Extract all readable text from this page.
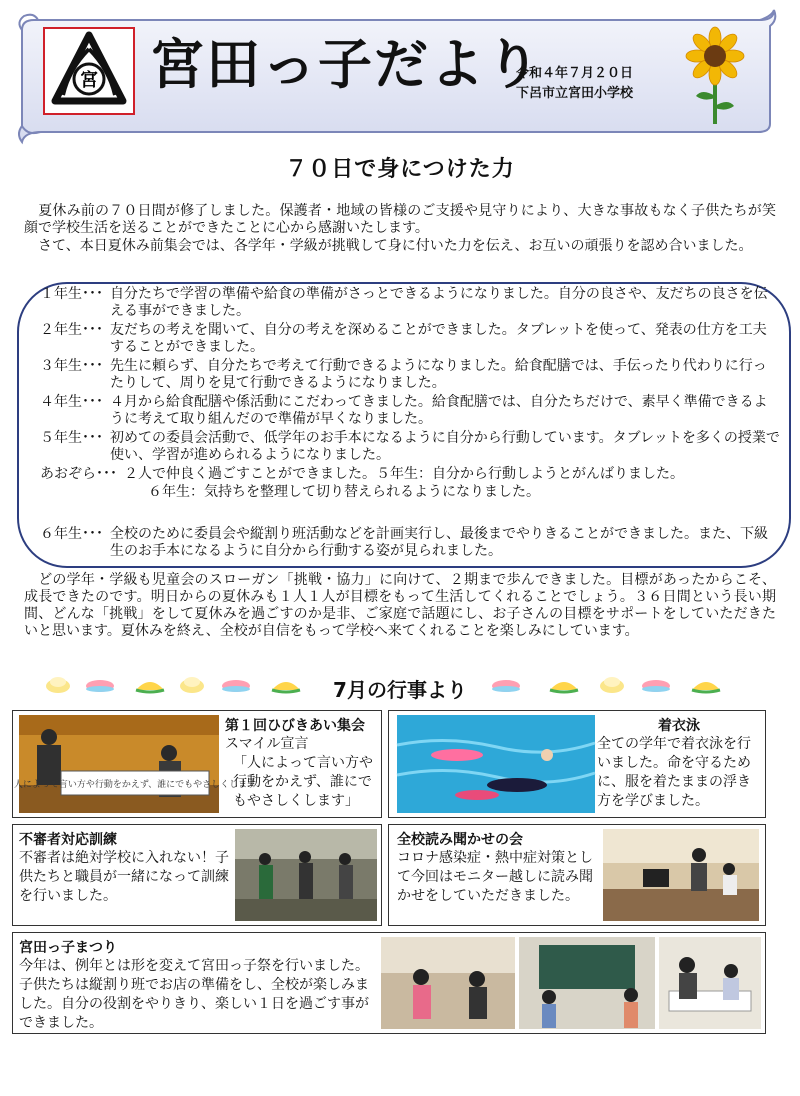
宮 宮田っ子だより
令和４年７月２０日
下呂市立宮田小学校
７０日で身につけた力
夏休み前の７０日間が修了しました。保護者・地域の皆様のご支援や見守りにより、大きな事故もなく子供たちが笑顔で学校生活を送ることができたことに心から感謝いたします。
さて、本日夏休み前集会では、各学年・学級が挑戦して身に付いた力を伝え、お互いの頑張りを認め合いました。
１年生･･･ 自分たちで学習の準備や給食の準備がさっとできるようになりました。自分の良さや、友だちの良さを伝える事ができました。
２年生･･･ 友だちの考えを聞いて、自分の考えを深めることができました。タブレットを使って、発表の仕方を工夫することができました。
３年生･･･ 先生に頼らず、自分たちで考えて行動できるようになりました。給食配膳では、手伝ったり代わりに行ったりして、周りを見て行動できるようになりました。
４年生･･･ ４月から給食配膳や係活動にこだわってきました。給食配膳では、自分たちだけで、素早く準備できるように考えて取り組んだので準備が早くなりました。
５年生･･･ 初めての委員会活動で、低学年のお手本になるように自分から行動しています。タブレットを多くの授業で使い、学習が進められるようになりました。
あおぞら･･･ ２人で仲良く過ごすことができました。５年生：自分から行動しようとがんばりました。
６年生：気持ちを整理して切り替えられるようになりました。
６年生･･･ 全校のために委員会や縦割り班活動などを計画実行し、最後までやりきることができました。また、下級生のお手本になるように自分から行動する姿が見られました。
どの学年・学級も児童会のスローガン「挑戦・協力」に向けて、２期まで歩んできました。目標があったからこそ、成長できたのです。明日からの夏休みも１人１人が目標をもって生活してくれることでしょう。３６日間という長い期間、どんな「挑戦」をして夏休みを過ごすのか是非、ご家庭で話題にし、お子さんの目標をサポートをしていただきたいと思います。夏休みを終え、全校が自信をもって学校へ来てくれることを楽しみにしています。
7月の行事より
人によって言い方や行動をかえず、誰にでもやさしくします
第１回ひびきあい集会

スマイル宣言

「人によって言い方や行動をかえず、誰にでもやさしくします」

着衣泳

全ての学年で着衣泳を行いました。命を守るために、服を着たままの浮き方を学びました。

不審者対応訓練

不審者は絶対学校に入れない！子供たちと職員が一緒になって訓練を行いました。

全校読み聞かせの会

コロナ感染症・熱中症対策として今回はモニター越しに読み聞かせをしていただきました。

宮田っ子まつり

今年は、例年とは形を変えて宮田っ子祭を行いました。子供たちは縦割り班でお店の準備をし、全校が楽しみました。自分の役割をやりきり、楽しい１日を過ごす事ができました。
